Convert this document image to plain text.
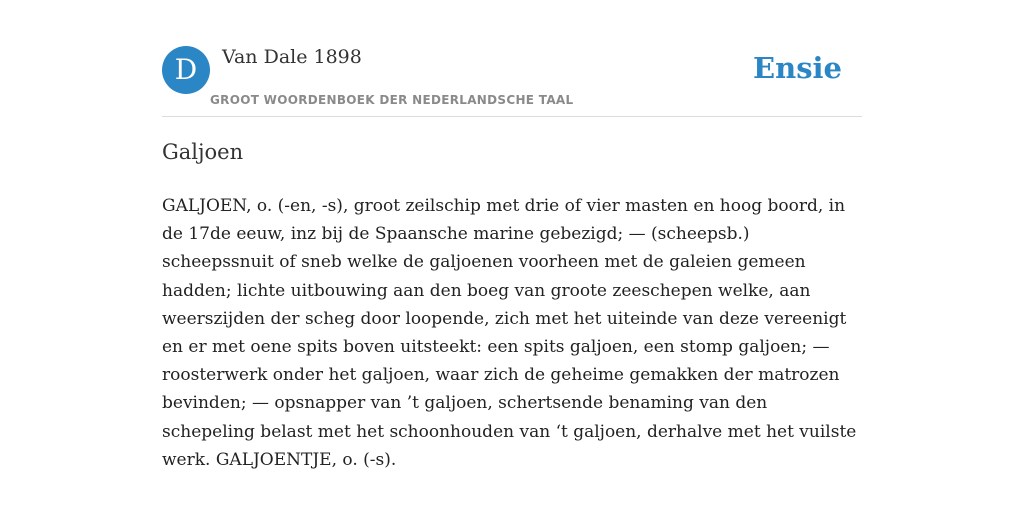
D	Van Dale 1898
GROOT WOORDENBOEK DER NEDERLANDSCHE TAAL
Ensie
Galjoen

GALJOEN, o. (-en, -s), groot zeilschip met drie of vier masten en hoog boord, in de 17de eeuw, inz bij de Spaansche marine gebezigd; — (scheepsb.) scheepssnuit of sneb welke de galjoenen voorheen met de galeien gemeen hadden; lichte uitbouwing aan den boeg van groote zeeschepen welke, aan weerszijden der scheg door loopende, zich met het uiteinde van deze vereenigt en er met oene spits boven uitsteekt: een spits galjoen, een stomp galjoen; — roosterwerk onder het galjoen, waar zich de geheime gemakken der matrozen bevinden; — opsnapper van ’t galjoen, schertsende benaming van den schepeling belast met het schoonhouden van ‘t galjoen, derhalve met het vuilste werk. GALJOENTJE, o. (-s).
